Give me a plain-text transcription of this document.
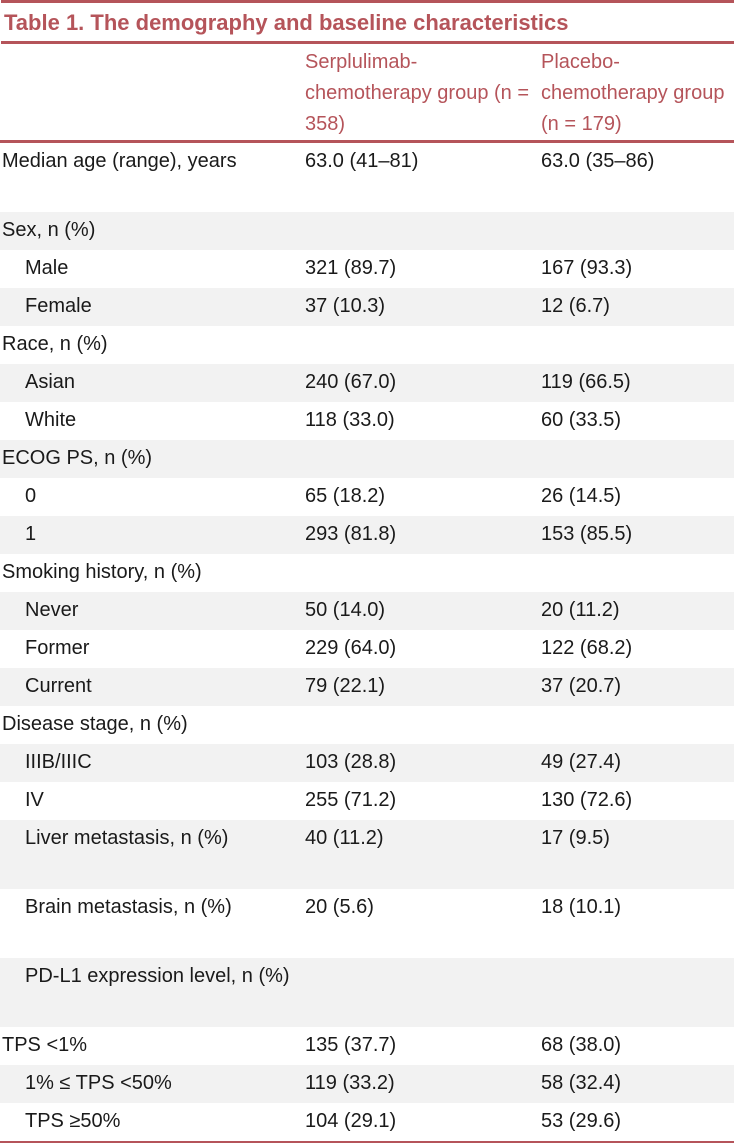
Table 1. The demography and baseline characteristics
	Serplulimab-chemotherapy group (n = 358)	Placebo-chemotherapy group (n = 179)
Median age (range), years	63.0 (41–81)	63.0 (35–86)
Sex, n (%)		
Male	321 (89.7)	167 (93.3)
Female	37 (10.3)	12 (6.7)
Race, n (%)		
Asian	240 (67.0)	119 (66.5)
White	118 (33.0)	60 (33.5)
ECOG PS, n (%)		
0	65 (18.2)	26 (14.5)
1	293 (81.8)	153 (85.5)
Smoking history, n (%)		
Never	50 (14.0)	20 (11.2)
Former	229 (64.0)	122 (68.2)
Current	79 (22.1)	37 (20.7)
Disease stage, n (%)		
IIIB/IIIC	103 (28.8)	49 (27.4)
IV	255 (71.2)	130 (72.6)
Liver metastasis, n (%)	40 (11.2)	17 (9.5)
Brain metastasis, n (%)	20 (5.6)	18 (10.1)
PD-L1 expression level, n (%)		
TPS <1%	135 (37.7)	68 (38.0)
1% ≤ TPS <50%	119 (33.2)	58 (32.4)
TPS ≥50%	104 (29.1)	53 (29.6)
